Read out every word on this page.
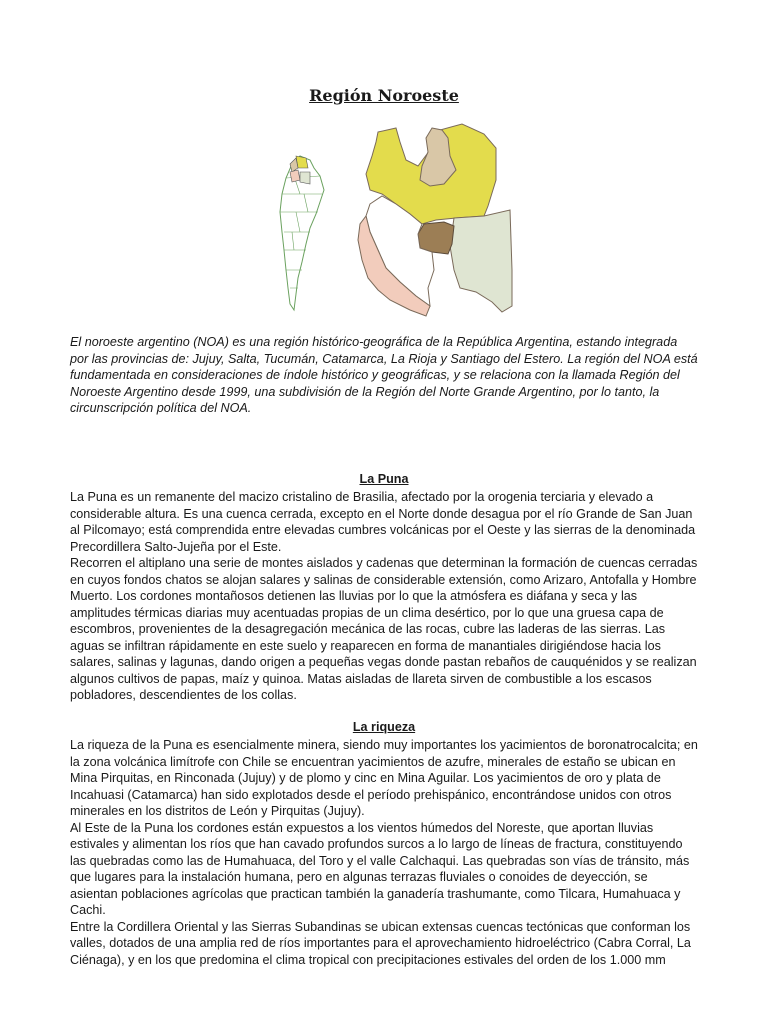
Región Noroeste
El noroeste argentino (NOA) es una región histórico-geográfica de la República Argentina, estando integrada por las provincias de: Jujuy, Salta, Tucumán, Catamarca, La Rioja y Santiago del Estero. La región del NOA está fundamentada en consideraciones de índole histórico y geográficas, y se relaciona con la llamada Región del Noroeste Argentino desde 1999, una subdivisión de la Región del Norte Grande Argentino, por lo tanto, la circunscripción política del NOA.
La Puna

La Puna es un remanente del macizo cristalino de Brasilia, afectado por la orogenia terciaria y elevado a considerable altura. Es una cuenca cerrada, excepto en el Norte donde desagua por el río Grande de San Juan al Pilcomayo; está comprendida entre elevadas cumbres volcánicas por el Oeste y las sierras de la denominada Precordillera Salto-Jujeña por el Este.

Recorren el altiplano una serie de montes aislados y cadenas que determinan la formación de cuencas cerradas en cuyos fondos chatos se alojan salares y salinas de considerable extensión, como Arizaro, Antofalla y Hombre Muerto. Los cordones montañosos detienen las lluvias por lo que la atmósfera es diáfana y seca y las amplitudes térmicas diarias muy acentuadas propias de un clima desértico, por lo que una gruesa capa de escombros, provenientes de la desagregación mecánica de las rocas, cubre las laderas de las sierras. Las aguas se infiltran rápidamente en este suelo y reaparecen en forma de manantiales dirigiéndose hacia los salares, salinas y lagunas, dando origen a pequeñas vegas donde pastan rebaños de cauquénidos y se realizan algunos cultivos de papas, maíz y quinoa. Matas aisladas de llareta sirven de combustible a los escasos pobladores, descendientes de los collas.

La riqueza

La riqueza de la Puna es esencialmente minera, siendo muy importantes los yacimientos de boronatrocalcita; en la zona volcánica limítrofe con Chile se encuentran yacimientos de azufre, minerales de estaño se ubican en Mina Pirquitas, en Rinconada (Jujuy) y de plomo y cinc en Mina Aguilar. Los yacimientos de oro y plata de Incahuasi (Catamarca) han sido explotados desde el período prehispánico, encontrándose unidos con otros minerales en los distritos de León y Pirquitas (Jujuy).

Al Este de la Puna los cordones están expuestos a los vientos húmedos del Noreste, que aportan lluvias estivales y alimentan los ríos que han cavado profundos surcos a lo largo de líneas de fractura, constituyendo las quebradas como las de Humahuaca, del Toro y el valle Calchaqui. Las quebradas son vías de tránsito, más que lugares para la instalación humana, pero en algunas terrazas fluviales o conoides de deyección, se asientan poblaciones agrícolas que practican también la ganadería trashumante, como Tilcara, Humahuaca y Cachi.

Entre la Cordillera Oriental y las Sierras Subandinas se ubican extensas cuencas tectónicas que conforman los valles, dotados de una amplia red de ríos importantes para el aprovechamiento hidroeléctrico (Cabra Corral, La Ciénaga), y en los que predomina el clima tropical con precipitaciones estivales del orden de los 1.000 mm
